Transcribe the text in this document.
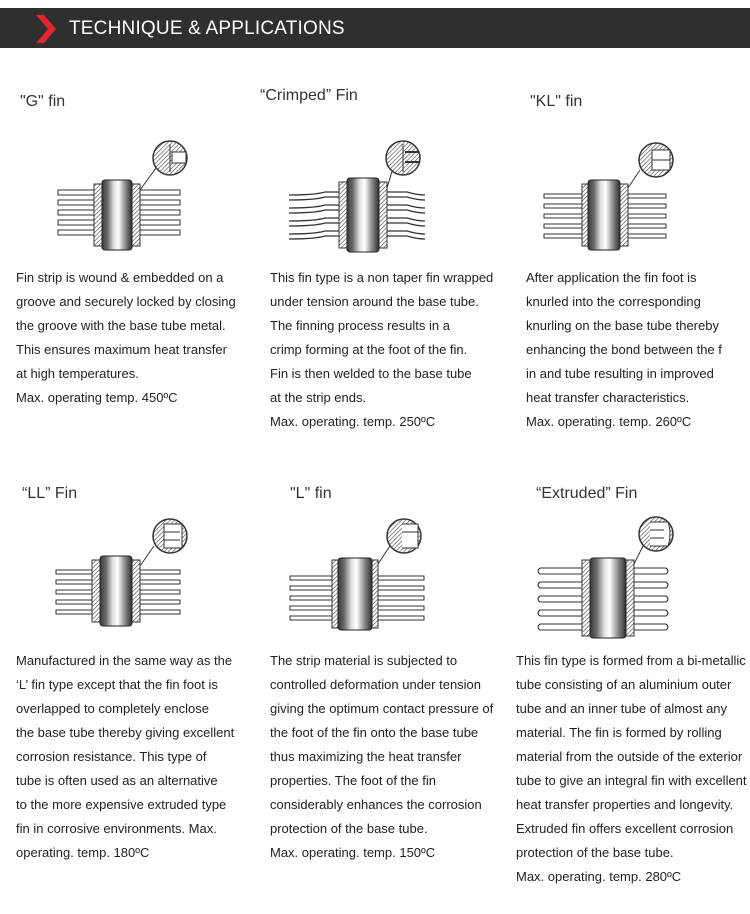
TECHNIQUE & APPLICATIONS
"G" fin
Fin strip is wound & embedded on a
groove and securely locked by closing
the groove with the base tube metal.
This ensures maximum heat transfer
at high temperatures.
Max. operating temp. 450ºC
“Crimped” Fin
This fin type is a non taper fin wrapped
under tension around the base tube.
The finning process results in a
crimp forming at the foot of the fin.
Fin is then welded to the base tube
at the strip ends.
Max. operating. temp. 250ºC
"KL" fin
After application the fin foot is
knurled into the corresponding
knurling on the base tube thereby
enhancing the bond between the f
in and tube resulting in improved
heat transfer characteristics.
Max. operating. temp. 260ºC
“LL” Fin
Manufactured in the same way as the
‘L’ fin type except that the fin foot is
overlapped to completely enclose
the base tube thereby giving excellent
corrosion resistance. This type of
tube is often used as an alternative
to the more expensive extruded type
fin in corrosive environments. Max.
operating. temp. 180ºC
"L" fin
The strip material is subjected to
controlled deformation under tension
giving the optimum contact pressure of
the foot of the fin onto the base tube
thus maximizing the heat transfer
properties. The foot of the fin
considerably enhances the corrosion
protection of the base tube.
Max. operating. temp. 150ºC
“Extruded” Fin
This fin type is formed from a bi-metallic
tube consisting of an aluminium outer
tube and an inner tube of almost any
material. The fin is formed by rolling
material from the outside of the exterior
tube to give an integral fin with excellent
heat transfer properties and longevity.
Extruded fin offers excellent corrosion
protection of the base tube.
Max. operating. temp. 280ºC
